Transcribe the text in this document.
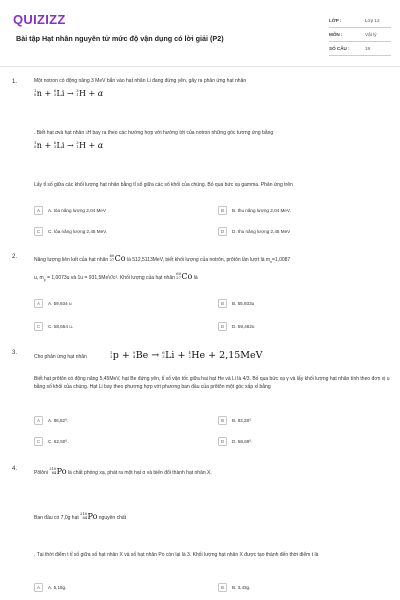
QUIZIZZ
Bài tập Hạt nhân nguyên tử mức độ vận dụng có lời giải (P2)
LỚP :	Lớp 12
MÔN :	Vật lý
SỐ CÂU :	19
1.	Một notron có động năng 3 MeV bắn vào hạt nhân Li đang đứng yên, gây ra phản ứng hạt nhân
1
0 n + 6
3 Li → 3
1 H + α
. Biết hạt αvà hạt nhân 3H bay ra theo các hướng hợp với hướng tới của notron những góc tương ứng bằng
1
0 n + 6
3 Li → 3
1 H + α
Lấy tỉ số giữa các khối lượng hạt nhân bằng tỉ số giữa các số khối của chúng. Bỏ qua bức xạ gamma. Phản ứng trên
A	A. tỏa năng lượng 2,04 MeV	B	B. thu năng lượng 2,04 MeV.
C	C. tỏa năng lượng 2,45 MeV.	D	D. thu năng lượng 2,45 MeV
2.	Năng lượng liên kết của hạt nhân
60
27 Co là 512,5113MeV, biết khối lượng của notrôn, prôtôn lần lượt là $m_n=1,0087$
u, $m_p = 1,0073u$ và 1u = 931,5MeV/c². Khối lượng của hạt nhân
60
27 Co là
A	A. 59,934 u	B	B. 55,933u
C	C. 58,654 u.	D	D. 59,462u
3.
Cho phản ứng hạt nhân
1
1 p + 9
4 Be → 6
3 Li + 4
2 He + 2,15MeV
Biết hạt prôtôn có động năng 5,45MeV, hạt Be đứng yên, tỉ số vận tốc giữa hai hạt He và Li là 4/3. Bỏ qua bức xạ γ và lấy khối lượng hạt nhân tính theo đơn vị u bằng số khối của chúng. Hạt Li bay theo phương hợp với phương ban đầu của prôtôn một góc xấp xỉ bằng
A	A. 86,82⁰.	B	B. 83,28⁰
C	C. 62,50⁰.	D	D. 58,69⁰.
4.
Pôlôni
210
84 Po là chất phóng xạ, phát ra một hạt α và biến đổi thành hạt nhân X.
Ban đầu có 7,0g hạt
210
84 Po nguyên chất
. Tại thời điểm t tỉ số giữa số hạt nhân X và số hạt nhân Po còn lại là 3. Khối lượng hạt nhân X được tạo thành đến thời điểm t là
A	A. 5,15g.	B	B. 3,43g.
